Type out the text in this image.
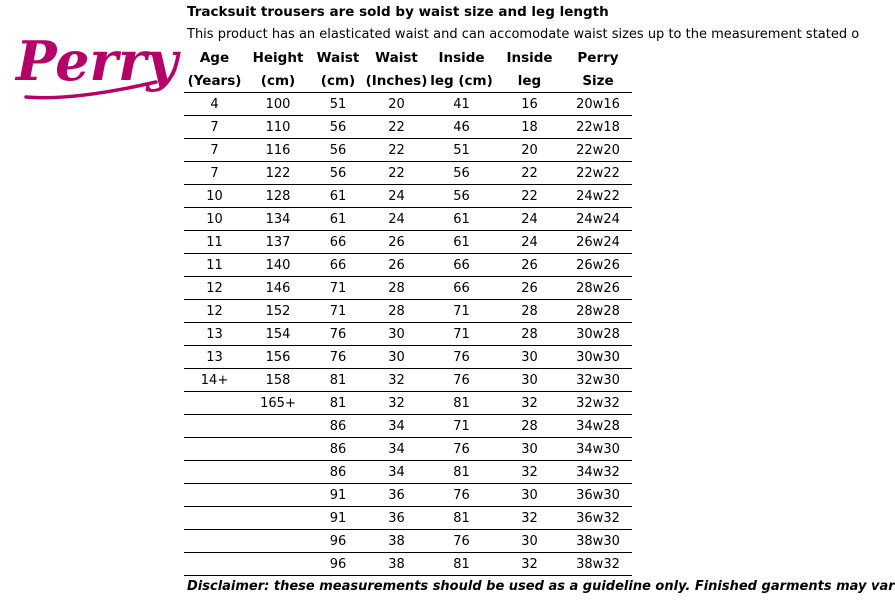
Perry
Tracksuit trousers are sold by waist size and leg length
This product has an elasticated waist and can accomodate waist sizes up to the measurement stated o
Age	Height	Waist	Waist	Inside	Inside	Perry
(Years)	(cm)	(cm)	(Inches)	leg (cm)	leg	Size
4	100	51	20	41	16	20w16
7	110	56	22	46	18	22w18
7	116	56	22	51	20	22w20
7	122	56	22	56	22	22w22
10	128	61	24	56	22	24w22
10	134	61	24	61	24	24w24
11	137	66	26	61	24	26w24
11	140	66	26	66	26	26w26
12	146	71	28	66	26	28w26
12	152	71	28	71	28	28w28
13	154	76	30	71	28	30w28
13	156	76	30	76	30	30w30
14+	158	81	32	76	30	32w30
	165+	81	32	81	32	32w32
		86	34	71	28	34w28
		86	34	76	30	34w30
		86	34	81	32	34w32
		91	36	76	30	36w30
		91	36	81	32	36w32
		96	38	76	30	38w30
		96	38	81	32	38w32
Disclaimer: these measurements should be used as a guideline only. Finished garments may var
